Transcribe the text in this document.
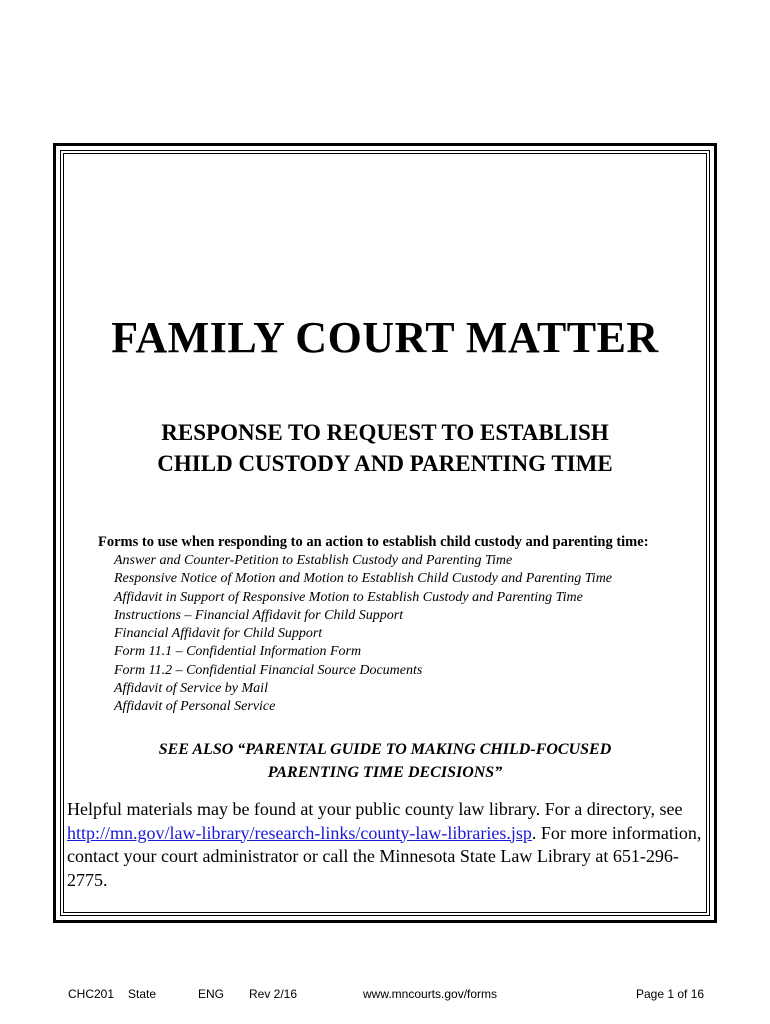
FAMILY COURT MATTER
RESPONSE TO REQUEST TO ESTABLISH
CHILD CUSTODY AND PARENTING TIME

Forms to use when responding to an action to establish child custody and parenting time:

Answer and Counter-Petition to Establish Custody and Parenting Time
Responsive Notice of Motion and Motion to Establish Child Custody and Parenting Time
Affidavit in Support of Responsive Motion to Establish Custody and Parenting Time
Instructions – Financial Affidavit for Child Support
Financial Affidavit for Child Support
Form 11.1 – Confidential Information Form
Form 11.2 – Confidential Financial Source Documents
Affidavit of Service by Mail
Affidavit of Personal Service

SEE ALSO “PARENTAL GUIDE TO MAKING CHILD-FOCUSED
PARENTING TIME DECISIONS”

Helpful materials may be found at your public county law library. For a directory, see http://mn.gov/law-library/research-links/county-law-libraries.jsp. For more information, contact your court administrator or call the Minnesota State Law Library at 651-296-2775.

CHC201 State	ENG Rev 2/16	www.mncourts.gov/forms	Page 1 of 16
